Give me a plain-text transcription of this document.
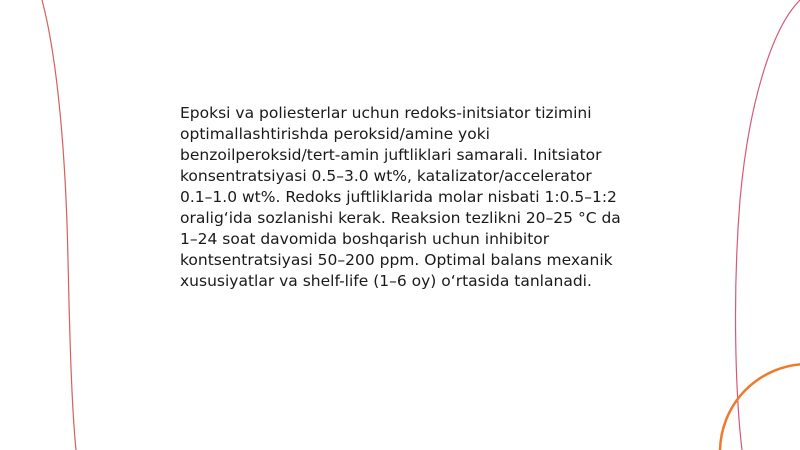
Epoksi va poliesterlar uchun redoks-initsiator tizimini optimallashtirishda peroksid/amine yoki benzoilperoksid/tert-amin juftliklari samarali. Initsiator konsentratsiyasi 0.5–3.0 wt%, katalizator/accelerator 0.1–1.0 wt%. Redoks juftliklarida molar nisbati 1:0.5–1:2 oralig‘ida sozlanishi kerak. Reaksion tezlikni 20–25 °C da 1–24 soat davomida boshqarish uchun inhibitor kontsentratsiyasi 50–200 ppm. Optimal balans mexanik xususiyatlar va shelf-life (1–6 oy) o‘rtasida tanlanadi.
